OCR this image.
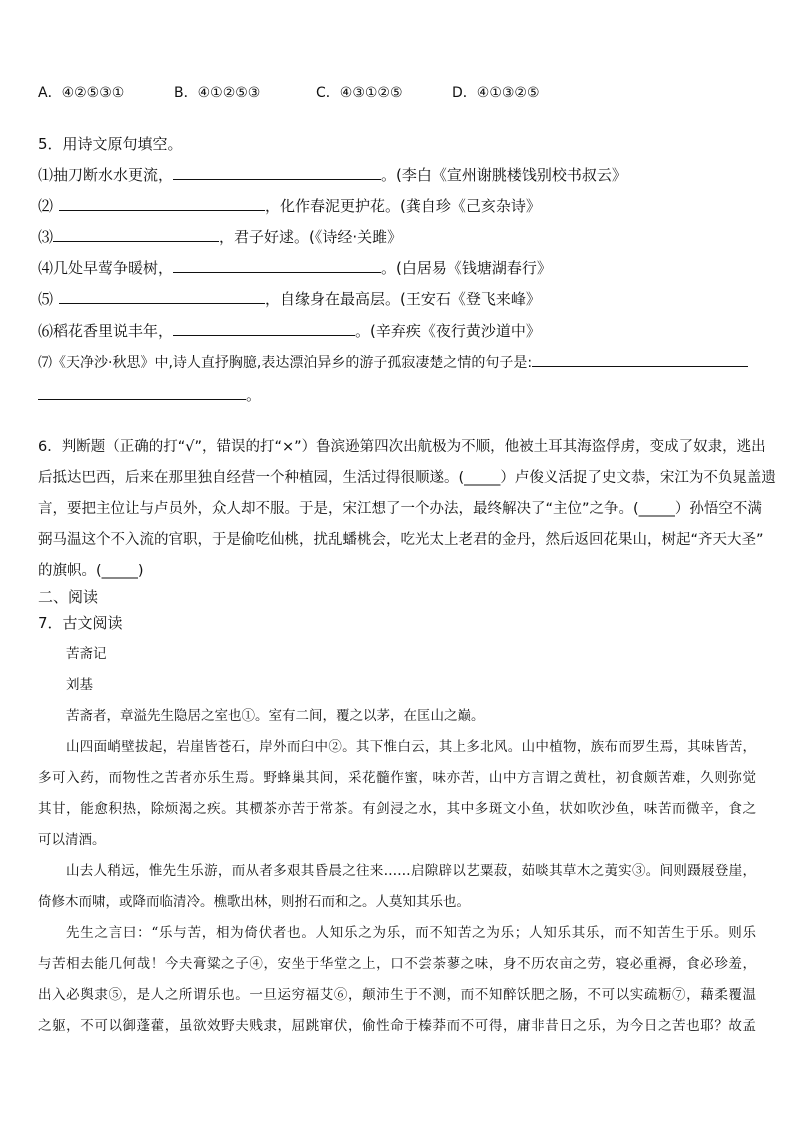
A．④②⑤③①	B．④①②⑤③	C．④③①②⑤	D．④①③②⑤
5．用诗文原句填空。
⑴抽刀断水水更流，	。(李白《宣州谢朓楼饯别校书叔云》
⑵	，化作春泥更护花。(龚自珍《己亥杂诗》
⑶	，君子好逑。(《诗经·关雎》
⑷几处早莺争暖树，	。(白居易《钱塘湖春行》
⑸	，自缘身在最高层。(王安石《登飞来峰》
⑹稻花香里说丰年，	。(辛弃疾《夜行黄沙道中》
⑺《天净沙·秋思》中,诗人直抒胸臆,表达漂泊异乡的游子孤寂凄楚之情的句子是:
。
6．判断题（正确的打“√”，错误的打“×”）鲁滨逊第四次出航极为不顺，他被土耳其海盗俘虏，变成了奴隶，逃出
后抵达巴西，后来在那里独自经营一个种植园，生活过得很顺遂。(_____）卢俊义活捉了史文恭，宋江为不负晁盖遗
言，要把主位让与卢员外，众人却不服。于是，宋江想了一个办法，最终解决了“主位”之争。(_____）孙悟空不满
弼马温这个不入流的官职，于是偷吃仙桃，扰乱蟠桃会，吃光太上老君的金丹，然后返回花果山，树起“齐天大圣”
的旗帜。(_____)
二、阅读
7．古文阅读
苦斋记
刘基
苦斋者，章溢先生隐居之室也①。室有二间，覆之以茅，在匡山之巅。
山四面峭壁拔起，岩崖皆苍石，岸外而臼中②。其下惟白云，其上多北风。山中植物，族布而罗生焉，其味皆苦，
多可入药，而物性之苦者亦乐生焉。野蜂巢其间，采花髓作蜜，味亦苦，山中方言谓之黄杜，初食颇苦难，久则弥觉
其甘，能愈积热，除烦渴之疾。其槚茶亦苦于常茶。有剑浸之水，其中多斑文小鱼，状如吹沙鱼，味苦而微辛，食之
可以清酒。
山去人稍远，惟先生乐游，而从者多艰其昏晨之往来……启隙辟以艺粟菽，茹啖其草木之荑实③。间则蹑屐登崖，
倚修木而啸，或降而临清冷。樵歌出林，则拊石而和之。人莫知其乐也。
先生之言曰：“乐与苦，相为倚伏者也。人知乐之为乐，而不知苦之为乐；人知乐其乐，而不知苦生于乐。则乐
与苦相去能几何哉！今夫膏粱之子④，安坐于华堂之上，口不尝荼蓼之味，身不历农亩之劳，寝必重褥，食必珍羞，
出入必舆隶⑤，是人之所谓乐也。一旦运穷福艾⑥，颠沛生于不测，而不知醉饫肥之肠，不可以实疏粝⑦，藉柔覆温
之躯，不可以御蓬藿，虽欲效野夫贱隶，屈跳窜伏，偷性命于榛莽而不可得，庸非昔日之乐，为今日之苦也耶？故孟
